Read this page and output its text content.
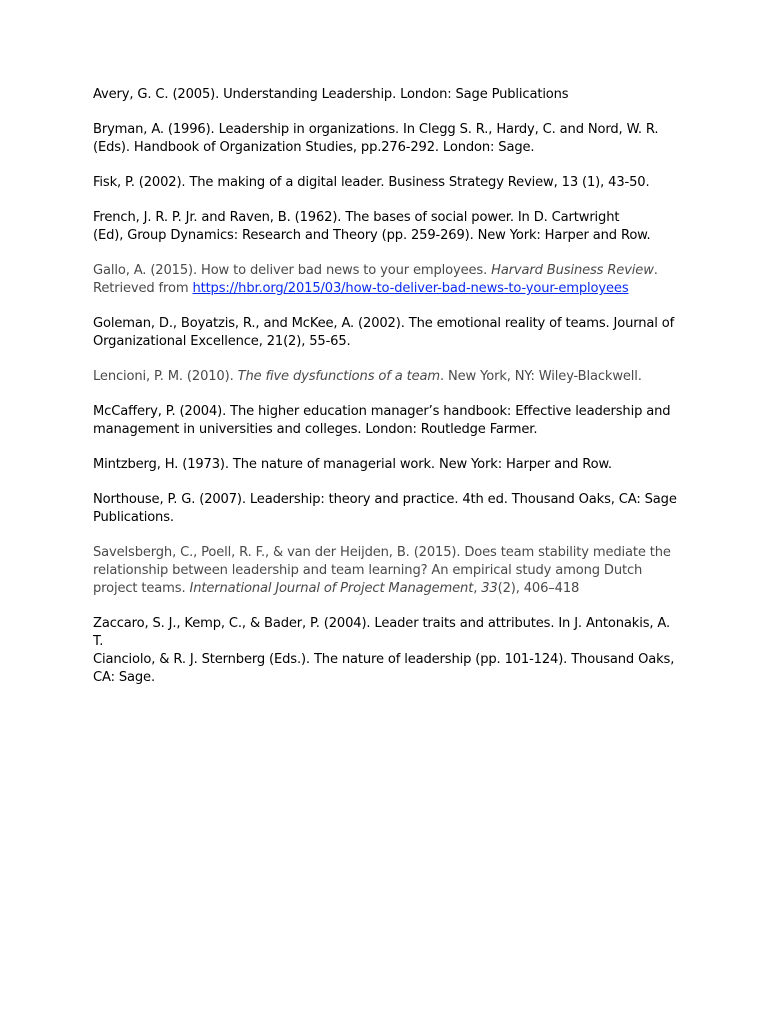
Avery, G. C. (2005). Understanding Leadership. London: Sage Publications

Bryman, A. (1996). Leadership in organizations. In Clegg S. R., Hardy, C. and Nord, W. R.
(Eds). Handbook of Organization Studies, pp.276-292. London: Sage.

Fisk, P. (2002). The making of a digital leader. Business Strategy Review, 13 (1), 43-50.

French, J. R. P. Jr. and Raven, B. (1962). The bases of social power. In D. Cartwright
(Ed), Group Dynamics: Research and Theory (pp. 259-269). New York: Harper and Row.

Gallo, A. (2015). How to deliver bad news to your employees. Harvard Business Review.
Retrieved from https://hbr.org/2015/03/how-to-deliver-bad-news-to-your-employees

Goleman, D., Boyatzis, R., and McKee, A. (2002). The emotional reality of teams. Journal of
Organizational Excellence, 21(2), 55-65.

Lencioni, P. M. (2010). The five dysfunctions of a team. New York, NY: Wiley-Blackwell.

McCaffery, P. (2004). The higher education manager’s handbook: Effective leadership and
management in universities and colleges. London: Routledge Farmer.

Mintzberg, H. (1973). The nature of managerial work. New York: Harper and Row.

Northouse, P. G. (2007). Leadership: theory and practice. 4th ed. Thousand Oaks, CA: Sage
Publications.

Savelsbergh, C., Poell, R. F., & van der Heijden, B. (2015). Does team stability mediate the
relationship between leadership and team learning? An empirical study among Dutch
project teams. International Journal of Project Management, 33(2), 406–418

Zaccaro, S. J., Kemp, C., & Bader, P. (2004). Leader traits and attributes. In J. Antonakis, A. T.
Cianciolo, & R. J. Sternberg (Eds.). The nature of leadership (pp. 101-124). Thousand Oaks,
CA: Sage.
